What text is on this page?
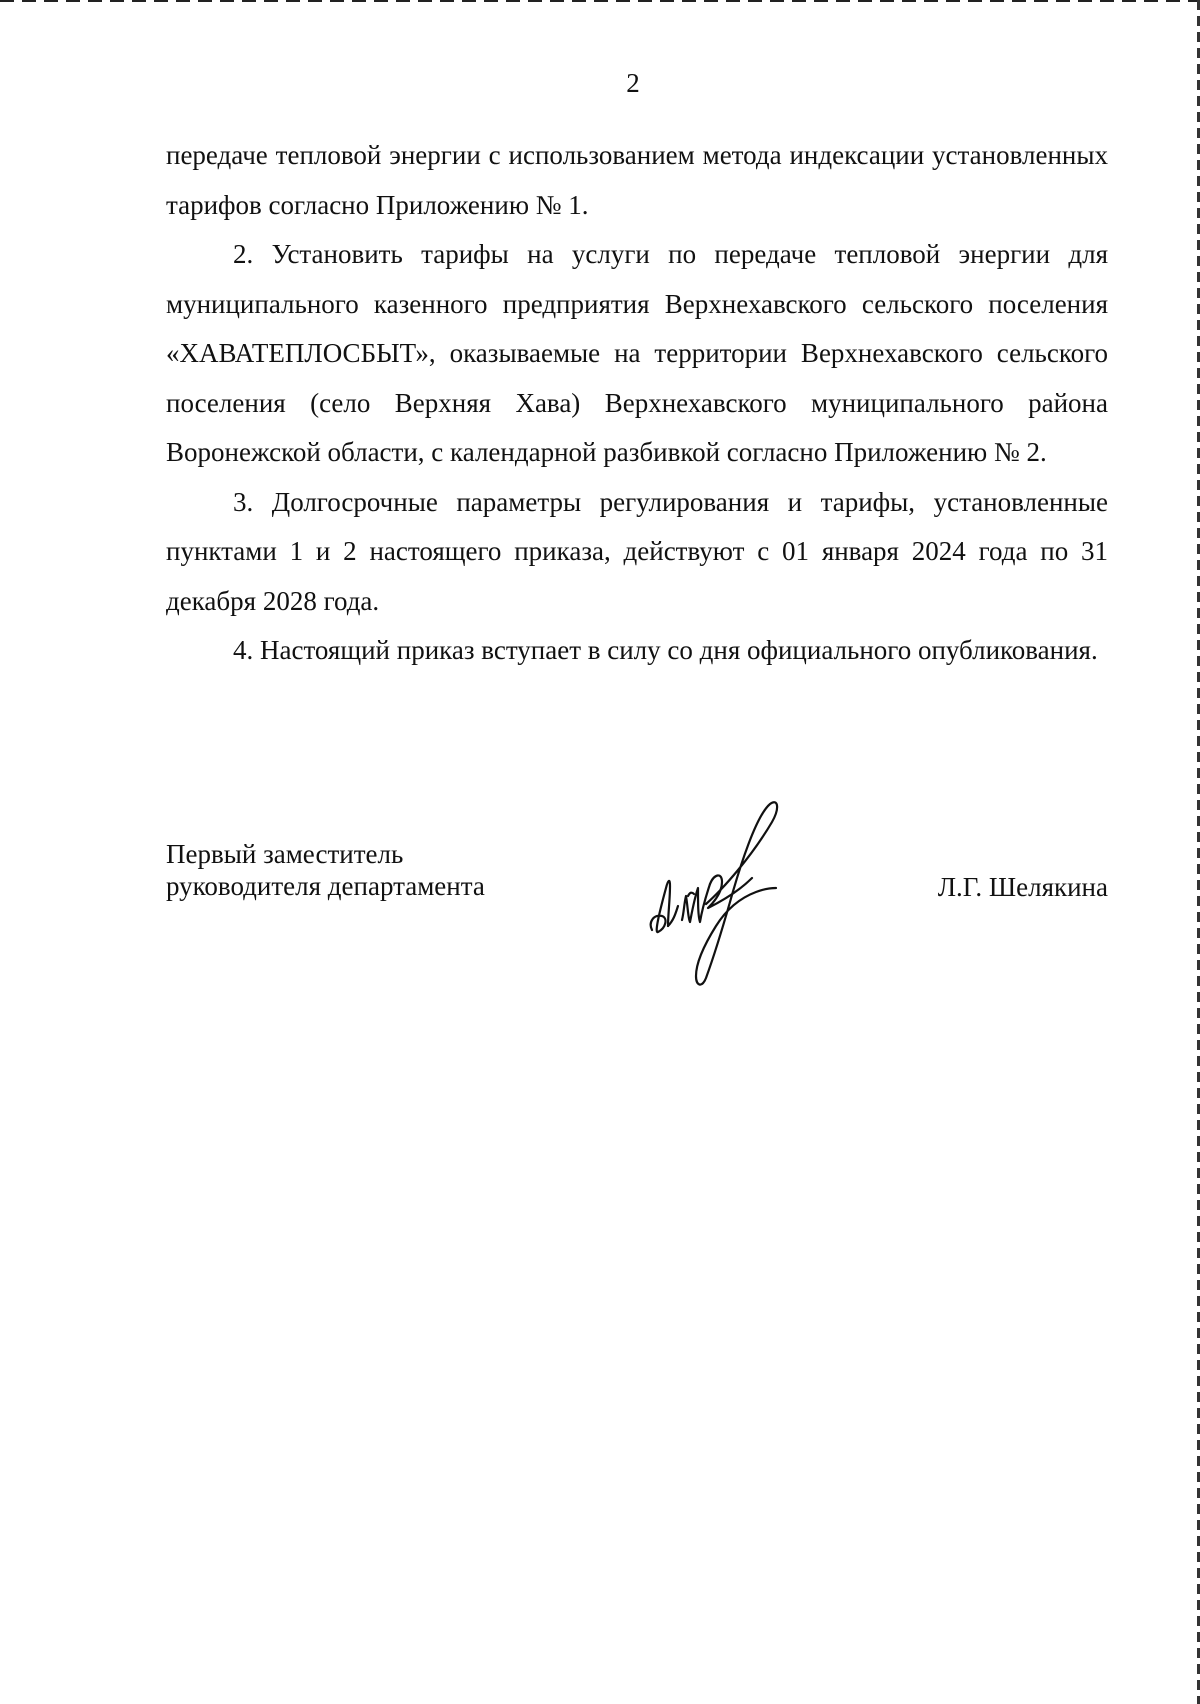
2

передаче тепловой энергии с использованием метода индексации установленных тарифов согласно Приложению № 1.

2. Установить тарифы на услуги по передаче тепловой энергии для муниципального казенного предприятия Верхнехавского сельского поселения «ХАВАТЕПЛОСБЫТ», оказываемые на территории Верхнехавского сельского поселения (село Верхняя Хава) Верхнехавского муниципального района Воронежской области, с календарной разбивкой согласно Приложению № 2.

3. Долгосрочные параметры регулирования и тарифы, установленные пунктами 1 и 2 настоящего приказа, действуют с 01 января 2024 года по 31 декабря 2028 года.

4. Настоящий приказ вступает в силу со дня официального опубликования.

Первый заместитель
руководителя департамента	Л.Г. Шелякина
